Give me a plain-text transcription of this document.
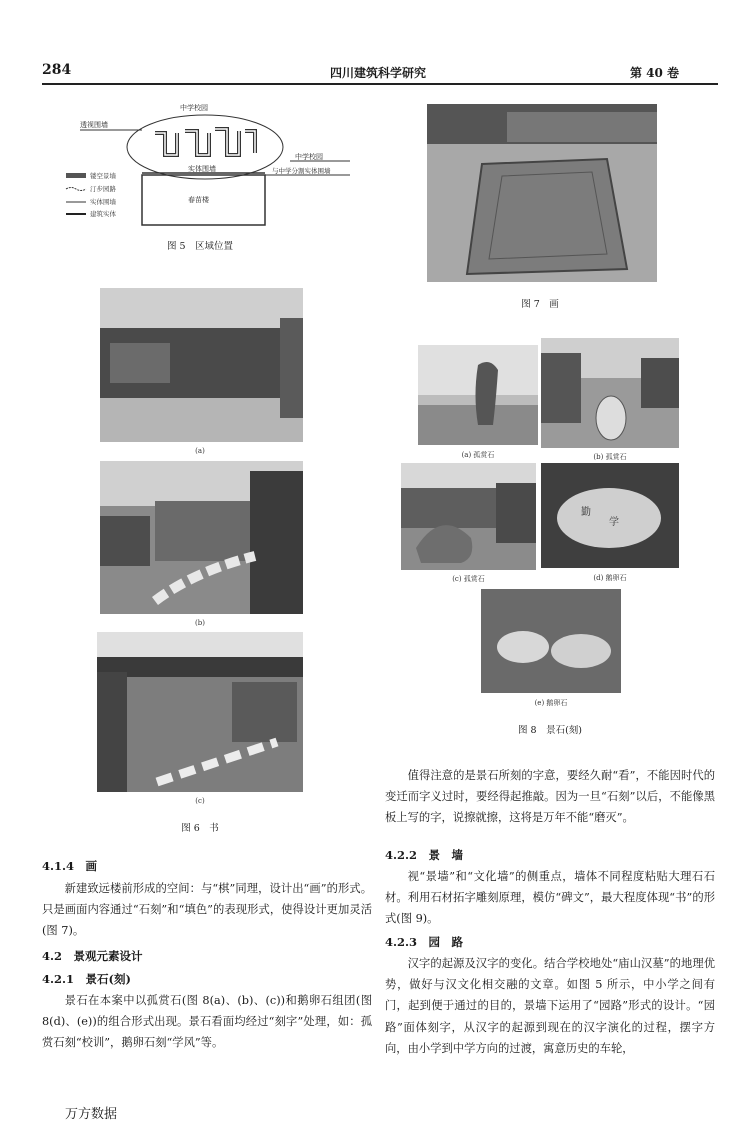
284	四川建筑科学研究	第 40 卷
中学校园
透视围墙
中学校园
与中学分割实体围墙
实体围墙
春苗楼
镂空景墙
汀步园路
实体围墙
建筑实体
图 5　区域位置
图 7　画
(a)
(b)
(c)
图 6　书
(a) 孤赏石	(b) 孤赏石
(c) 孤赏石
勤
学
(d) 鹅卵石
(e) 鹅卵石
图 8　景石(刻)
4.1.4　画

新建致远楼前形成的空间：与“棋”同理，设计出“画”的形式。只是画面内容通过“石刻”和“填色”的表现形式，使得设计更加灵活(图 7)。

4.2　景观元素设计
4.2.1　景石(刻)

景石在本案中以孤赏石(图 8(a)、(b)、(c))和鹅卵石组团(图 8(d)、(e))的组合形式出现。景石看面均经过“刻字”处理，如：孤赏石刻“校训”，鹅卵石刻“学风”等。

值得注意的是景石所刻的字意，要经久耐“看”，不能因时代的变迁而字义过时，要经得起推敲。因为一旦“石刻”以后，不能像黑板上写的字，说擦就擦，这将是万年不能“磨灭”。

4.2.2　景　墙

视“景墙”和“文化墙”的侧重点，墙体不同程度粘贴大理石石材。利用石材拓字雕刻原理，模仿“碑文”，最大程度体现“书”的形式(图 9)。

4.2.3　园　路

汉字的起源及汉字的变化。结合学校地处“庙山汉墓”的地理优势，做好与汉文化相交融的文章。如图 5 所示，中小学之间有门，起到便于通过的目的，景墙下运用了“园路”形式的设计。“园路”面体刻字，从汉字的起源到现在的汉字演化的过程，摆字方向，由小学到中学方向的过渡，寓意历史的车轮，

万方数据
